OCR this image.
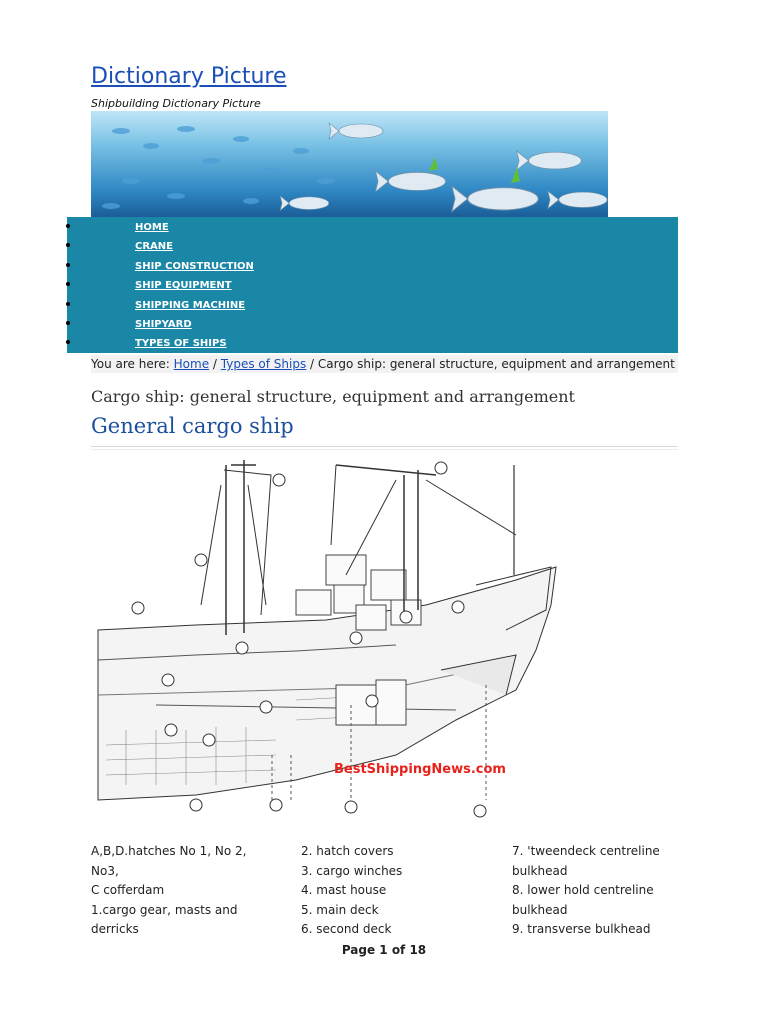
Dictionary Picture
Shipbuilding Dictionary Picture
HOME
CRANE
SHIP CONSTRUCTION
SHIP EQUIPMENT
SHIPPING MACHINE
SHIPYARD
TYPES OF SHIPS
You are here: Home / Types of Ships / Cargo ship: general structure, equipment and arrangement
Cargo ship: general structure, equipment and arrangement
General cargo ship
BestShippingNews.com
A,B,D.hatches No 1, No 2, No3,
C cofferdam
1.cargo gear, masts and derricks
2. hatch covers
3. cargo winches
4. mast house
5. main deck
6. second deck
7. 'tweendeck centreline bulkhead
8. lower hold centreline bulkhead
9. transverse bulkhead
Page 1 of 18
